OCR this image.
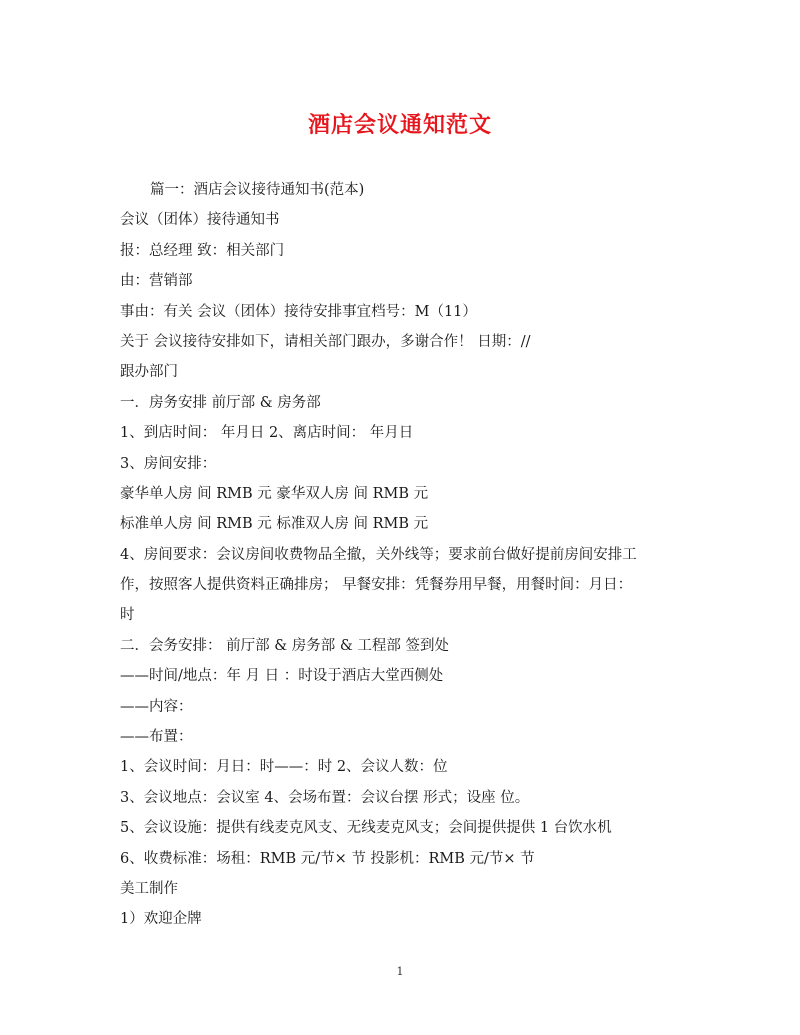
酒店会议通知范文
篇一：酒店会议接待通知书(范本)
会议（团体）接待通知书
报：总经理 致：相关部门
由：营销部
事由：有关 会议（团体）接待安排事宜档号：M（11）
关于 会议接待安排如下，请相关部门跟办，多谢合作！ 日期：//
跟办部门
一．房务安排 前厅部 & 房务部
1、到店时间： 年月日 2、离店时间： 年月日
3、房间安排：
豪华单人房 间 RMB 元 豪华双人房 间 RMB 元
标准单人房 间 RMB 元 标准双人房 间 RMB 元
4、房间要求：会议房间收费物品全撤，关外线等；要求前台做好提前房间安排工
作，按照客人提供资料正确排房； 早餐安排：凭餐券用早餐，用餐时间：月日：
时
二．会务安排： 前厅部 & 房务部 & 工程部 签到处
——时间/地点：年 月 日 ：时设于酒店大堂西侧处
——内容：
——布置：
1、会议时间：月日：时——：时 2、会议人数：位
3、会议地点：会议室 4、会场布置：会议台摆 形式；设座 位。
5、会议设施：提供有线麦克风支、无线麦克风支；会间提供提供 1 台饮水机
6、收费标准：场租：RMB 元/节× 节 投影机：RMB 元/节× 节
美工制作
1）欢迎企牌
1
